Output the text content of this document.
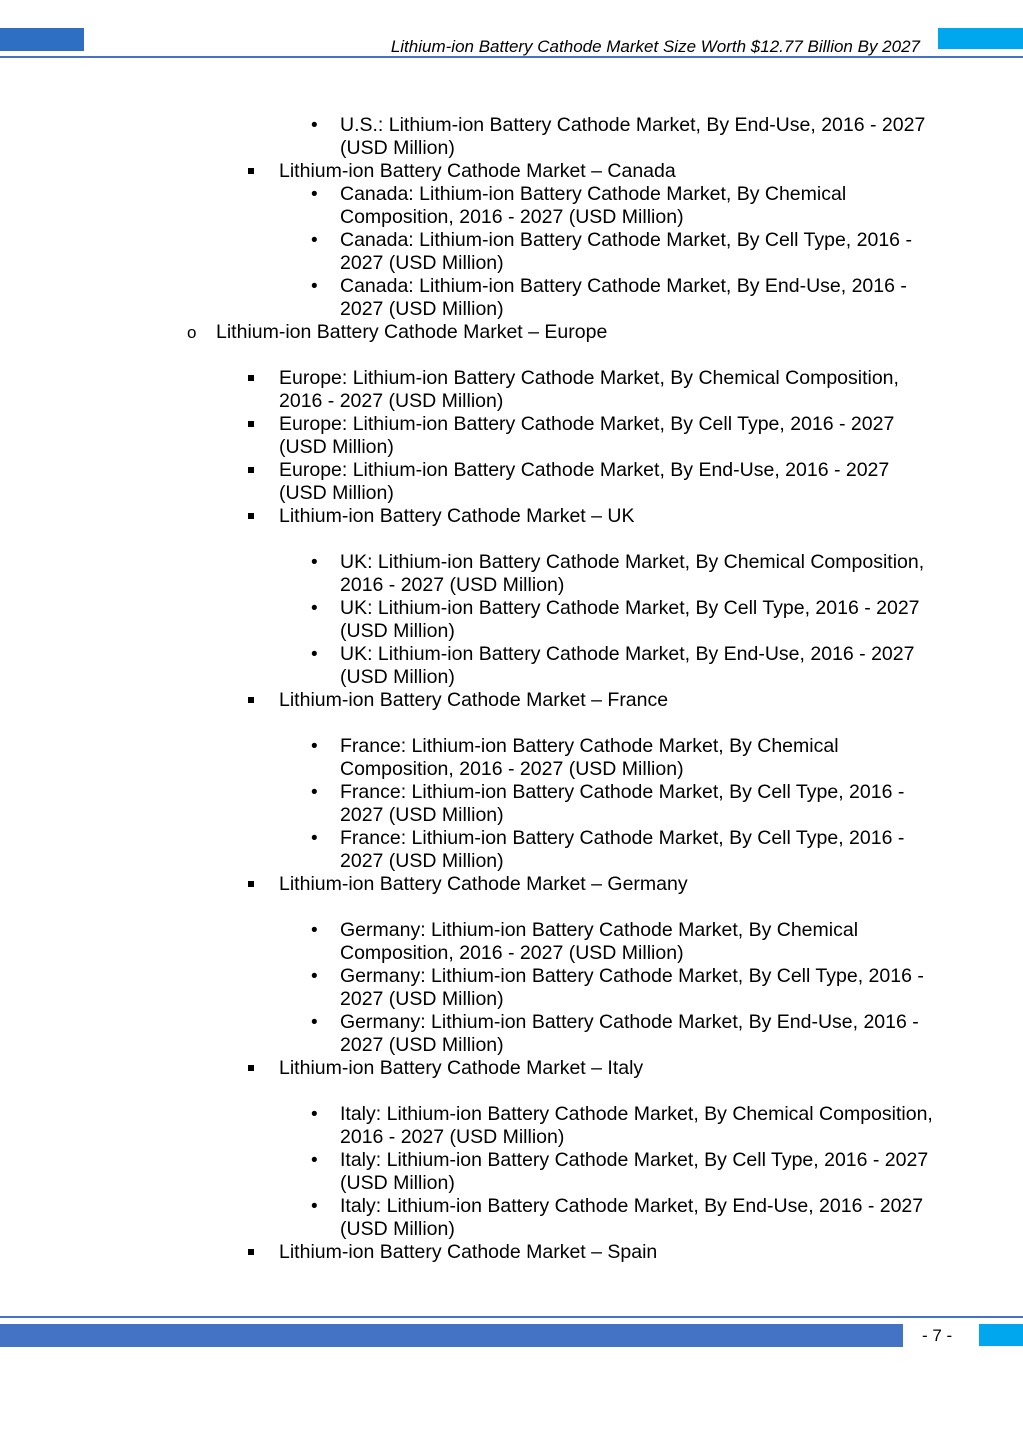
Lithium-ion Battery Cathode Market Size Worth $12.77 Billion By 2027
• U.S.: Lithium-ion Battery Cathode Market, By End-Use, 2016 - 2027 (USD Million)
Lithium-ion Battery Cathode Market – Canada
• Canada: Lithium-ion Battery Cathode Market, By Chemical Composition, 2016 - 2027 (USD Million)
• Canada: Lithium-ion Battery Cathode Market, By Cell Type, 2016 - 2027 (USD Million)
• Canada: Lithium-ion Battery Cathode Market, By End-Use, 2016 - 2027 (USD Million)
o Lithium-ion Battery Cathode Market – Europe
Europe: Lithium-ion Battery Cathode Market, By Chemical Composition, 2016 - 2027 (USD Million)
Europe: Lithium-ion Battery Cathode Market, By Cell Type, 2016 - 2027 (USD Million)
Europe: Lithium-ion Battery Cathode Market, By End-Use, 2016 - 2027 (USD Million)
Lithium-ion Battery Cathode Market – UK
• UK: Lithium-ion Battery Cathode Market, By Chemical Composition, 2016 - 2027 (USD Million)
• UK: Lithium-ion Battery Cathode Market, By Cell Type, 2016 - 2027 (USD Million)
• UK: Lithium-ion Battery Cathode Market, By End-Use, 2016 - 2027 (USD Million)
Lithium-ion Battery Cathode Market – France
• France: Lithium-ion Battery Cathode Market, By Chemical Composition, 2016 - 2027 (USD Million)
• France: Lithium-ion Battery Cathode Market, By Cell Type, 2016 - 2027 (USD Million)
• France: Lithium-ion Battery Cathode Market, By Cell Type, 2016 - 2027 (USD Million)
Lithium-ion Battery Cathode Market – Germany
• Germany: Lithium-ion Battery Cathode Market, By Chemical Composition, 2016 - 2027 (USD Million)
• Germany: Lithium-ion Battery Cathode Market, By Cell Type, 2016 - 2027 (USD Million)
• Germany: Lithium-ion Battery Cathode Market, By End-Use, 2016 - 2027 (USD Million)
Lithium-ion Battery Cathode Market – Italy
• Italy: Lithium-ion Battery Cathode Market, By Chemical Composition, 2016 - 2027 (USD Million)
• Italy: Lithium-ion Battery Cathode Market, By Cell Type, 2016 - 2027 (USD Million)
• Italy: Lithium-ion Battery Cathode Market, By End-Use, 2016 - 2027 (USD Million)
Lithium-ion Battery Cathode Market – Spain
- 7 -
